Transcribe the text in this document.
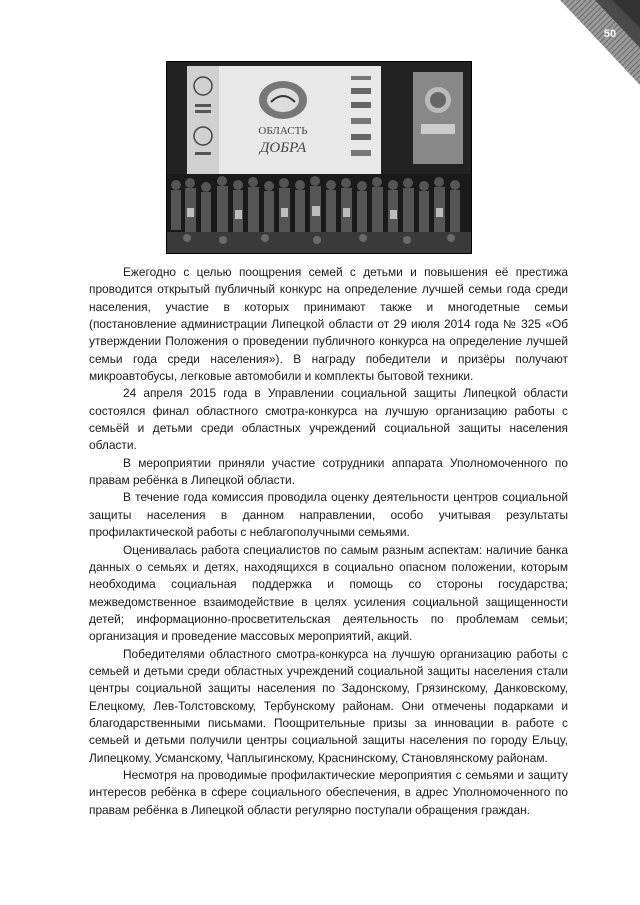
50
ОБЛАСТЬ
ДОБРА

Ежегодно с целью поощрения семей с детьми и повышения её престижа проводится открытый публичный конкурс на определение лучшей семьи года среди населения, участие в которых принимают также и многодетные семьи (постановление администрации Липецкой области от 29 июля 2014 года № 325 «Об утверждении Положения о проведении публичного конкурса на определение лучшей семьи года среди населения»). В награду победители и призёры получают микроавтобусы, легковые автомобили и комплекты бытовой техники.

24 апреля 2015 года в Управлении социальной защиты Липецкой области состоялся финал областного смотра-конкурса на лучшую организацию работы с семьёй и детьми среди областных учреждений социальной защиты населения области.

В мероприятии приняли участие сотрудники аппарата Уполномоченного по правам ребёнка в Липецкой области.

В течение года комиссия проводила оценку деятельности центров социальной защиты населения в данном направлении, особо учитывая результаты профилактической работы с неблагополучными семьями.

Оценивалась работа специалистов по самым разным аспектам: наличие банка данных о семьях и детях, находящихся в социально опасном положении, которым необходима социальная поддержка и помощь со стороны государства; межведомственное взаимодействие в целях усиления социальной защищенности детей; информационно-просветительская деятельность по проблемам семьи; организация и проведение массовых мероприятий, акций.

Победителями областного смотра-конкурса на лучшую организацию работы с семьей и детьми среди областных учреждений социальной защиты населения стали центры социальной защиты населения по Задонскому, Грязинскому, Данковскому, Елецкому, Лев-Толстовскому, Тербунскому районам. Они отмечены подарками и благодарственными письмами. Поощрительные призы за инновации в работе с семьей и детьми получили центры социальной защиты населения по городу Ельцу, Липецкому, Усманскому, Чаплыгинскому, Краснинскому, Становлянскому районам.

Несмотря на проводимые профилактические мероприятия с семьями и защиту интересов ребёнка в сфере социального обеспечения, в адрес Уполномоченного по правам ребёнка в Липецкой области регулярно поступали обращения граждан.
